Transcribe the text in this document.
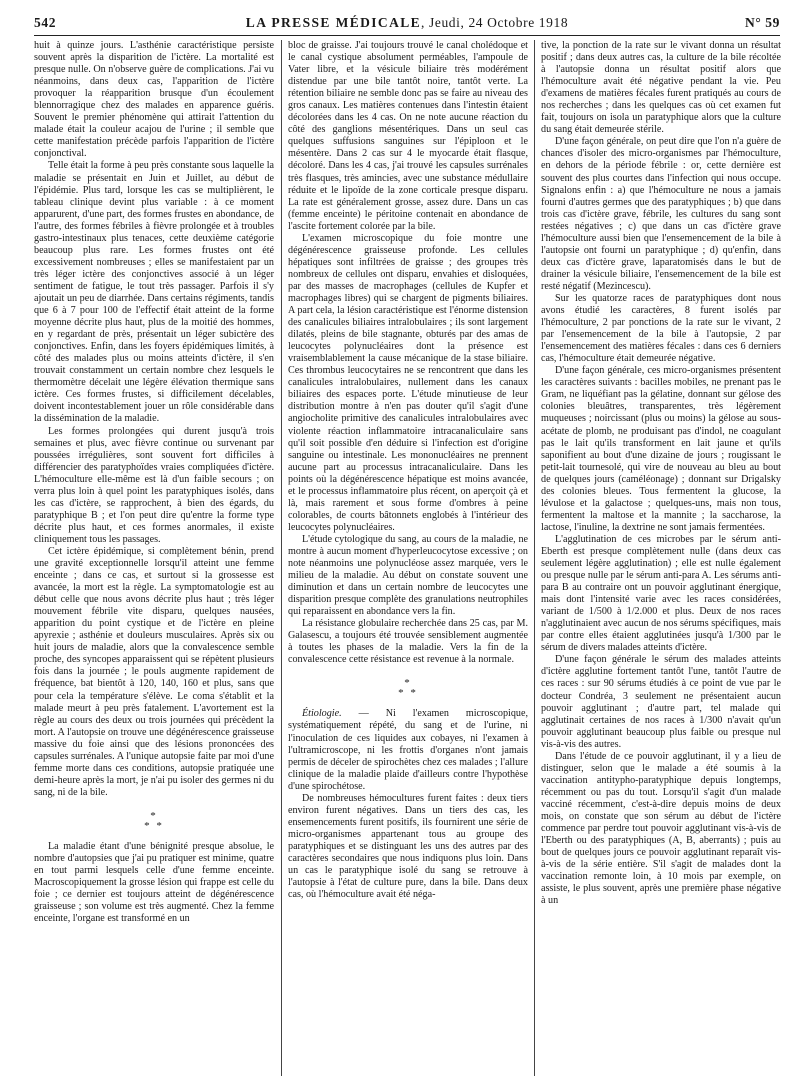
542	LA PRESSE MÉDICALE, Jeudi, 24 Octobre 1918	N° 59

huit à quinze jours. L'asthénie caractéristique persiste souvent après la disparition de l'ictère. La mortalité est presque nulle. On n'observe guère de complications. J'ai vu néanmoins, dans deux cas, l'apparition de l'ictère provoquer la réapparition brusque d'un écoulement blennorragique chez des malades en apparence guéris. Souvent le premier phénomène qui attirait l'attention du malade était la couleur acajou de l'urine ; il semble que cette manifestation précède parfois l'apparition de l'ictère conjonctival.

Telle était la forme à peu près constante sous laquelle la maladie se présentait en Juin et Juillet, au début de l'épidémie. Plus tard, lorsque les cas se multiplièrent, le tableau clinique devint plus variable : à ce moment apparurent, d'une part, des formes frustes en abondance, de l'autre, des formes fébriles à fièvre prolongée et à troubles gastro-intestinaux plus tenaces, cette deuxième catégorie beaucoup plus rare. Les formes frustes ont été excessivement nombreuses ; elles se manifestaient par un très léger ictère des conjonctives associé à un léger sentiment de fatigue, le tout très passager. Parfois il s'y ajoutait un peu de diarrhée. Dans certains régiments, tandis que 6 à 7 pour 100 de l'effectif était atteint de la forme moyenne décrite plus haut, plus de la moitié des hommes, en y regardant de près, présentait un léger subictère des conjonctives. Enfin, dans les foyers épidémiques limités, à côté des malades plus ou moins atteints d'ictère, il s'en trouvait constamment un certain nombre chez lesquels le thermomètre décelait une légère élévation thermique sans ictère. Ces formes frustes, si difficilement décelables, doivent incontestablement jouer un rôle considérable dans la dissémination de la maladie.

Les formes prolongées qui durent jusqu'à trois semaines et plus, avec fièvre continue ou survenant par poussées irrégulières, sont souvent fort difficiles à différencier des paratyphoïdes vraies compliquées d'ictère. L'hémoculture elle-même est là d'un faible secours ; on verra plus loin à quel point les paratyphiques isolés, dans les cas d'ictère, se rapprochent, à bien des égards, du paratyphique B ; et l'on peut dire qu'entre la forme type décrite plus haut, et ces formes anormales, il existe cliniquement tous les passages.

Cet ictère épidémique, si complètement bénin, prend une gravité exceptionnelle lorsqu'il atteint une femme enceinte ; dans ce cas, et surtout si la grossesse est avancée, la mort est la règle. La symptomatologie est au début celle que nous avons décrite plus haut ; très léger mouvement fébrile vite disparu, quelques nausées, apparition du point cystique et de l'ictère en pleine apyrexie ; asthénie et douleurs musculaires. Après six ou huit jours de maladie, alors que la convalescence semble proche, des syncopes apparaissent qui se répètent plusieurs fois dans la journée ; le pouls augmente rapidement de fréquence, bat bientôt à 120, 140, 160 et plus, sans que pour cela la température s'élève. Le coma s'établit et la malade meurt à peu près fatalement. L'avortement est la règle au cours des deux ou trois journées qui précèdent la mort. A l'autopsie on trouve une dégénérescence graisseuse massive du foie ainsi que des lésions prononcées des capsules surrénales. A l'unique autopsie faite par moi d'une femme morte dans ces conditions, autopsie pratiquée une demi-heure après la mort, je n'ai pu isoler des germes ni du sang, ni de la bile.

*
* *

La maladie étant d'une bénignité presque absolue, le nombre d'autopsies que j'ai pu pratiquer est minime, quatre en tout parmi lesquels celle d'une femme enceinte. Macroscopiquement la grosse lésion qui frappe est celle du foie ; ce dernier est toujours atteint de dégénérescence graisseuse ; son volume est très augmenté. Chez la femme enceinte, l'organe est transformé en un

bloc de graisse. J'ai toujours trouvé le canal cholédoque et le canal cystique absolument perméables, l'ampoule de Vater libre, et la vésicule biliaire très modérément distendue par une bile tantôt noire, tantôt verte. La rétention biliaire ne semble donc pas se faire au niveau des gros canaux. Les matières contenues dans l'intestin étaient décolorées dans les 4 cas. On ne note aucune réaction du côté des ganglions mésentériques. Dans un seul cas quelques suffusions sanguines sur l'épiploon et le mésentère. Dans 2 cas sur 4 le myocarde était flasque, décoloré. Dans les 4 cas, j'ai trouvé les capsules surrénales très flasques, très amincies, avec une substance médullaire réduite et le lipoïde de la zone corticale presque disparu. La rate est généralement grosse, assez dure. Dans un cas (femme enceinte) le péritoine contenait en abondance de l'ascite fortement colorée par la bile.

L'examen microscopique du foie montre une dégénérescence graisseuse profonde. Les cellules hépatiques sont infiltrées de graisse ; des groupes très nombreux de cellules ont disparu, envahies et disloquées, par des masses de macrophages (cellules de Kupfer et macrophages libres) qui se chargent de pigments biliaires. A part cela, la lésion caractéristique est l'énorme distension des canalicules biliaires intralobulaires ; ils sont largement dilatés, pleins de bile stagnante, obturés par des amas de leucocytes polynucléaires dont la présence est vraisemblablement la cause mécanique de la stase biliaire. Ces thrombus leucocytaires ne se rencontrent que dans les canalicules intralobulaires, nullement dans les canaux biliaires des espaces porte. L'étude minutieuse de leur distribution montre à n'en pas douter qu'il s'agit d'une angiocholite primitive des canalicules intralobulaires avec violente réaction inflammatoire intracanaliculaire sans qu'il soit possible d'en déduire si l'infection est d'origine sanguine ou intestinale. Les mononucléaires ne prennent aucune part au processus intracanaliculaire. Dans les points où la dégénérescence hépatique est moins avancée, et le processus inflammatoire plus récent, on aperçoit çà et là, mais rarement et sous forme d'ombres à peine colorables, de courts bâtonnets englobés à l'intérieur des leucocytes polynucléaires.

L'étude cytologique du sang, au cours de la maladie, ne montre à aucun moment d'hyperleucocytose excessive ; on note néanmoins une polynucléose assez marquée, vers le milieu de la maladie. Au début on constate souvent une diminution et dans un certain nombre de leucocytes une disparition presque complète des granulations neutrophiles qui reparaissent en abondance vers la fin.

La résistance globulaire recherchée dans 25 cas, par M. Galasescu, a toujours été trouvée sensiblement augmentée à toutes les phases de la maladie. Vers la fin de la convalescence cette résistance est revenue à la normale.

*
* *

Étiologie. — Ni l'examen microscopique, systématiquement répété, du sang et de l'urine, ni l'inoculation de ces liquides aux cobayes, ni l'examen à l'ultramicroscope, ni les frottis d'organes n'ont jamais permis de déceler de spirochètes chez ces malades ; l'allure clinique de la maladie plaide d'ailleurs contre l'hypothèse d'une spirochétose.

De nombreuses hémocultures furent faites : deux tiers environ furent négatives. Dans un tiers des cas, les ensemencements furent positifs, ils fournirent une série de micro-organismes appartenant tous au groupe des paratyphiques et se distinguant les uns des autres par des caractères secondaires que nous indiquons plus loin. Dans un cas le paratyphique isolé du sang se retrouve à l'autopsie à l'état de culture pure, dans la bile. Dans deux cas, où l'hémoculture avait été néga-

tive, la ponction de la rate sur le vivant donna un résultat positif ; dans deux autres cas, la culture de la bile récoltée à l'autopsie donna un résultat positif alors que l'hémoculture avait été négative pendant la vie. Peu d'examens de matières fécales furent pratiqués au cours de nos recherches ; dans les quelques cas où cet examen fut fait, toujours on isola un paratyphique alors que la culture du sang était demeurée stérile.

D'une façon générale, on peut dire que l'on n'a guère de chances d'isoler des micro-organismes par l'hémoculture, en dehors de la période fébrile : or, cette dernière est souvent des plus courtes dans l'infection qui nous occupe. Signalons enfin : a) que l'hémoculture ne nous a jamais fourni d'autres germes que des paratyphiques ; b) que dans trois cas d'ictère grave, fébrile, les cultures du sang sont restées négatives ; c) que dans un cas d'ictère grave l'hémoculture aussi bien que l'ensemencement de la bile à l'autopsie ont fourni un paratyphique ; d) qu'enfin, dans deux cas d'ictère grave, laparatomisés dans le but de drainer la vésicule biliaire, l'ensemencement de la bile est resté négatif (Mezincescu).

Sur les quatorze races de paratyphiques dont nous avons étudié les caractères, 8 furent isolés par l'hémoculture, 2 par ponctions de la rate sur le vivant, 2 par l'ensemencement de la bile à l'autopsie, 2 par l'ensemencement des matières fécales : dans ces 6 derniers cas, l'hémoculture était demeurée négative.

D'une façon générale, ces micro-organismes présentent les caractères suivants : bacilles mobiles, ne prenant pas le Gram, ne liquéfiant pas la gélatine, donnant sur gélose des colonies bleuâtres, transparentes, très légèrement muqueuses ; noircissant (plus ou moins) la gélose au sous-acétate de plomb, ne produisant pas d'indol, ne coagulant pas le lait qu'ils transforment en lait jaune et qu'ils saponifient au bout d'une dizaine de jours ; rougissant le petit-lait tournesolé, qui vire de nouveau au bleu au bout de quelques jours (caméléonage) ; donnant sur Drigalsky des colonies bleues. Tous fermentent la glucose, la lévulose et la galactose ; quelques-uns, mais non tous, fermentent la maltose et la mannite ; la saccharose, la lactose, l'inuline, la dextrine ne sont jamais fermentées.

L'agglutination de ces microbes par le sérum anti-Eberth est presque complètement nulle (dans deux cas seulement légère agglutination) ; elle est nulle également ou presque nulle par le sérum anti-para A. Les sérums anti-para B au contraire ont un pouvoir agglutinant énergique, mais dont l'intensité varie avec les races considérées, variant de 1/500 à 1/2.000 et plus. Deux de nos races n'agglutinaient avec aucun de nos sérums spécifiques, mais par contre elles étaient agglutinées jusqu'à 1/300 par le sérum de divers malades atteints d'ictère.

D'une façon générale le sérum des malades atteints d'ictère agglutine fortement tantôt l'une, tantôt l'autre de ces races : sur 90 sérums étudiés à ce point de vue par le docteur Condréa, 3 seulement ne présentaient aucun pouvoir agglutinant ; d'autre part, tel malade qui agglutinait certaines de nos races à 1/300 n'avait qu'un pouvoir agglutinant beaucoup plus faible ou presque nul vis-à-vis des autres.

Dans l'étude de ce pouvoir agglutinant, il y a lieu de distinguer, selon que le malade a été soumis à la vaccination antitypho-paratyphique depuis longtemps, récemment ou pas du tout. Lorsqu'il s'agit d'un malade vacciné récemment, c'est-à-dire depuis moins de deux mois, on constate que son sérum au début de l'ictère commence par perdre tout pouvoir agglutinant vis-à-vis de l'Eberth ou des paratyphiques (A, B, aberrants) ; puis au bout de quelques jours ce pouvoir agglutinant reparaît vis-à-vis de la série entière. S'il s'agit de malades dont la vaccination remonte loin, à 10 mois par exemple, on assiste, le plus souvent, après une première phase négative à un
